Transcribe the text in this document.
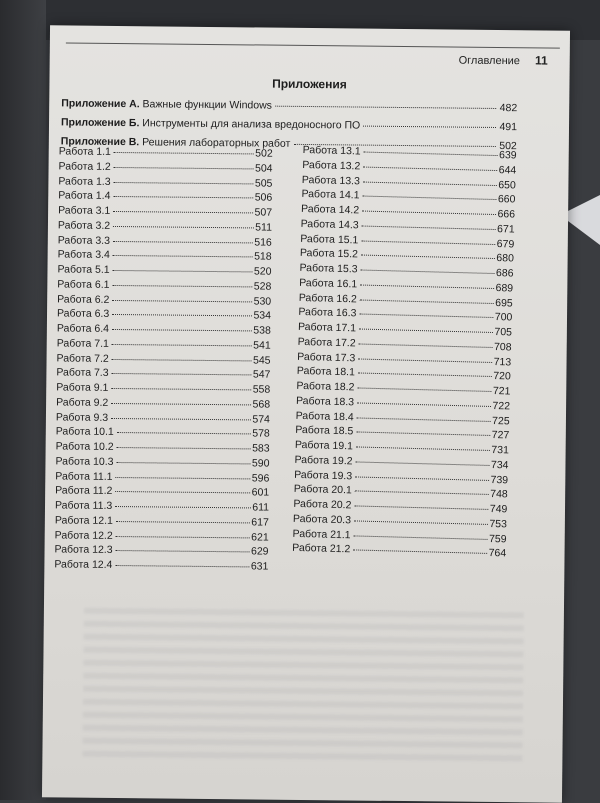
Оглавление 11
Приложения
Приложение А. Важные функции Windows	482
Приложение Б. Инструменты для анализа вредоносного ПО	491
Приложение В. Решения лабораторных работ	502
Работа 1.1	502
Работа 1.2	504
Работа 1.3	505
Работа 1.4	506
Работа 3.1	507
Работа 3.2	511
Работа 3.3	516
Работа 3.4	518
Работа 5.1	520
Работа 6.1	528
Работа 6.2	530
Работа 6.3	534
Работа 6.4	538
Работа 7.1	541
Работа 7.2	545
Работа 7.3	547
Работа 9.1	558
Работа 9.2	568
Работа 9.3	574
Работа 10.1	578
Работа 10.2	583
Работа 10.3	590
Работа 11.1	596
Работа 11.2	601
Работа 11.3	611
Работа 12.1	617
Работа 12.2	621
Работа 12.3	629
Работа 12.4	631
Работа 13.1	639
Работа 13.2	644
Работа 13.3	650
Работа 14.1	660
Работа 14.2	666
Работа 14.3	671
Работа 15.1	679
Работа 15.2	680
Работа 15.3	686
Работа 16.1	689
Работа 16.2	695
Работа 16.3	700
Работа 17.1	705
Работа 17.2	708
Работа 17.3	713
Работа 18.1	720
Работа 18.2	721
Работа 18.3	722
Работа 18.4	725
Работа 18.5	727
Работа 19.1	731
Работа 19.2	734
Работа 19.3	739
Работа 20.1	748
Работа 20.2	749
Работа 20.3	753
Работа 21.1	759
Работа 21.2	764
